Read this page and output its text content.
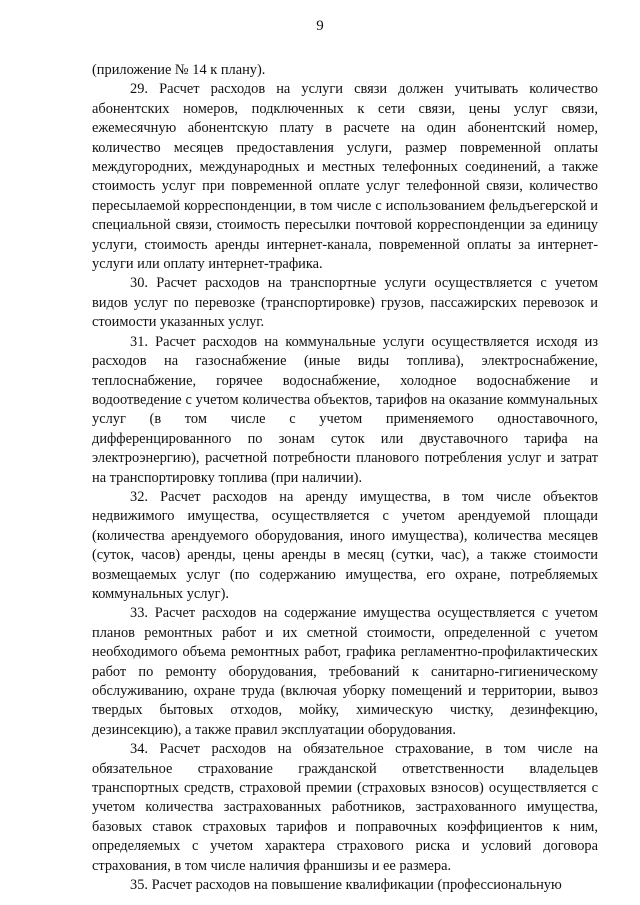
9

(приложение № 14 к плану).

29. Расчет расходов на услуги связи должен учитывать количество абонентских номеров, подключенных к сети связи, цены услуг связи, ежемесячную абонентскую плату в расчете на один абонентский номер, количество месяцев предоставления услуги, размер повременной оплаты междугородних, международных и местных телефонных соединений, а также стоимость услуг при повременной оплате услуг телефонной связи, количество пересылаемой корреспонденции, в том числе с использованием фельдъегерской и специальной связи, стоимость пересылки почтовой корреспонденции за единицу услуги, стоимость аренды интернет-канала, повременной оплаты за интернет-услуги или оплату интернет-трафика.

30. Расчет расходов на транспортные услуги осуществляется с учетом видов услуг по перевозке (транспортировке) грузов, пассажирских перевозок и стоимости указанных услуг.

31. Расчет расходов на коммунальные услуги осуществляется исходя из расходов на газоснабжение (иные виды топлива), электроснабжение, теплоснабжение, горячее водоснабжение, холодное водоснабжение и водоотведение с учетом количества объектов, тарифов на оказание коммунальных услуг (в том числе с учетом применяемого одноставочного, дифференцированного по зонам суток или двуставочного тарифа на электроэнергию), расчетной потребности планового потребления услуг и затрат на транспортировку топлива (при наличии).

32. Расчет расходов на аренду имущества, в том числе объектов недвижимого имущества, осуществляется с учетом арендуемой площади (количества арендуемого оборудования, иного имущества), количества месяцев (суток, часов) аренды, цены аренды в месяц (сутки, час), а также стоимости возмещаемых услуг (по содержанию имущества, его охране, потребляемых коммунальных услуг).

33. Расчет расходов на содержание имущества осуществляется с учетом планов ремонтных работ и их сметной стоимости, определенной с учетом необходимого объема ремонтных работ, графика регламентно-профилактических работ по ремонту оборудования, требований к санитарно-гигиеническому обслуживанию, охране труда (включая уборку помещений и территории, вывоз твердых бытовых отходов, мойку, химическую чистку, дезинфекцию, дезинсекцию), а также правил эксплуатации оборудования.

34. Расчет расходов на обязательное страхование, в том числе на обязательное страхование гражданской ответственности владельцев транспортных средств, страховой премии (страховых взносов) осуществляется с учетом количества застрахованных работников, застрахованного имущества, базовых ставок страховых тарифов и поправочных коэффициентов к ним, определяемых с учетом характера страхового риска и условий договора страхования, в том числе наличия франшизы и ее размера.

35. Расчет расходов на повышение квалификации (профессиональную
